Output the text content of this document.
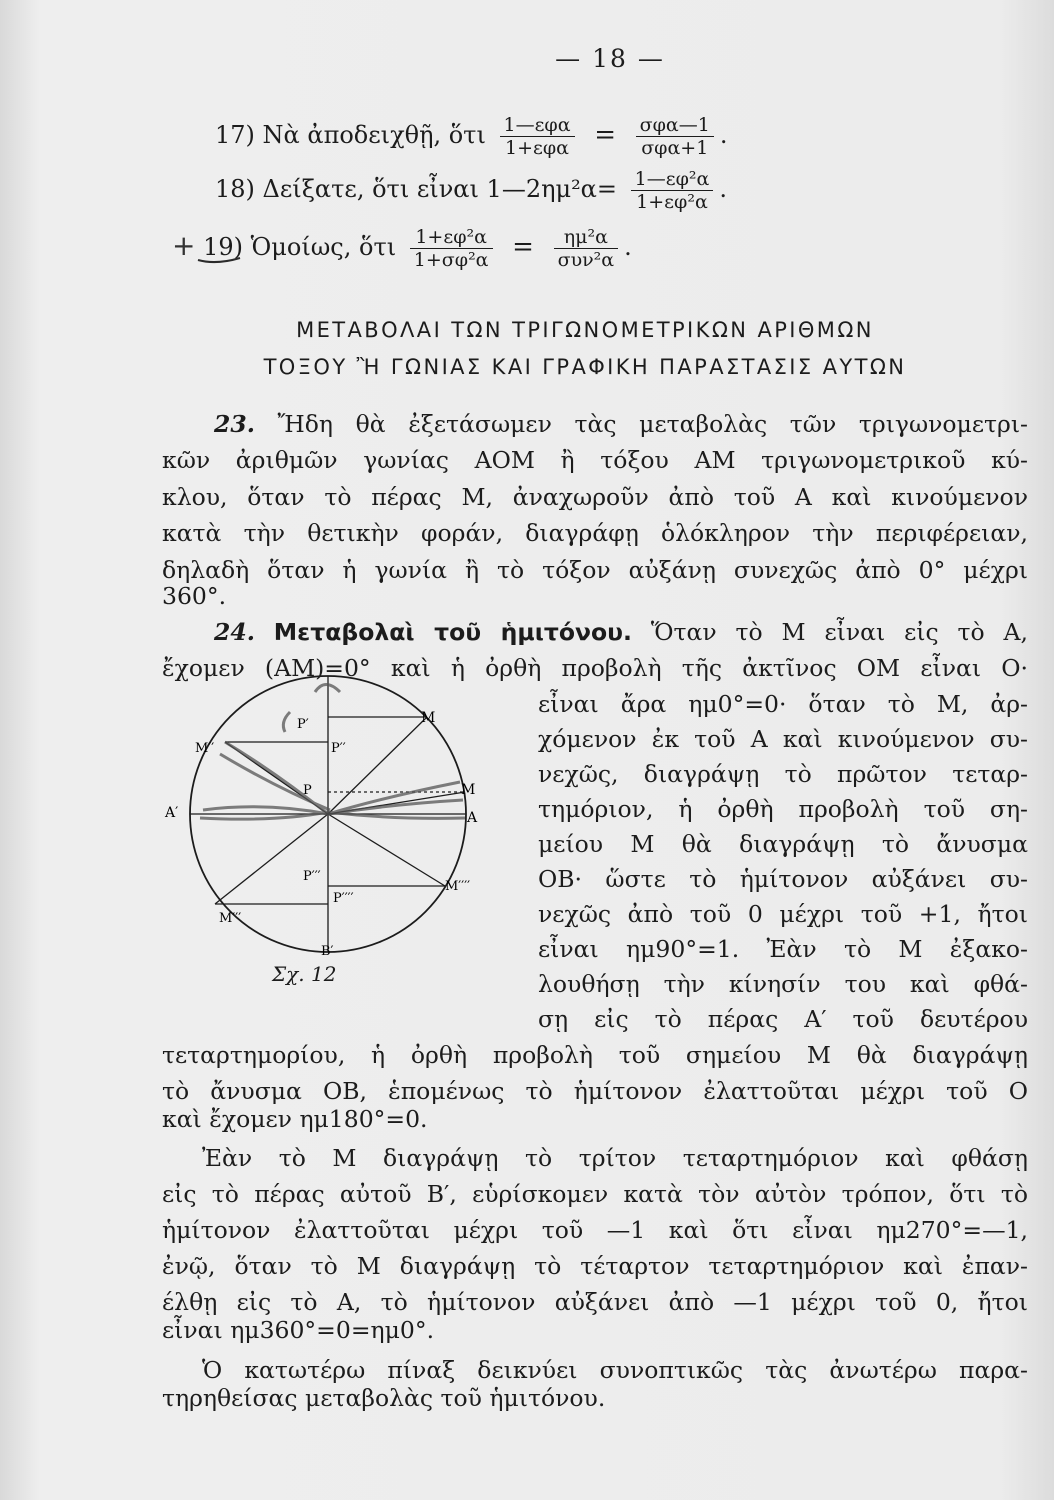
— 18 —
17) Νὰ ἀποδειχθῇ, ὅτι $\frac{\text{1—εφα}}{\text{1+εφα}} = \frac{\text{σφα—1}}{\text{σφα+1}}$ .
18) Δείξατε, ὅτι εἶναι 1—2ημ²α= $\frac{\text{1—εφ²α}}{\text{1+εφ²α}}$ .
+ 19) Ὁμοίως, ὅτι $\frac{\text{1+εφ²α}}{\text{1+σφ²α}} = \frac{\text{ημ²α}}{\text{συν²α}}$ .
ΜΕΤΑΒΟΛΑΙ ΤΩΝ ΤΡΙΓΩΝΟΜΕΤΡΙΚΩΝ ΑΡΙΘΜΩΝ
ΤΟΞΟΥ Ἢ ΓΩΝΙΑΣ ΚΑΙ ΓΡΑΦΙΚΗ ΠΑΡΑΣΤΑΣΙΣ ΑΥΤΩΝ
23. Ἤδη θὰ ἐξετάσωμεν τὰς μεταβολὰς τῶν τριγωνομετρι-
κῶν ἀριθμῶν γωνίας ΑΟΜ ἢ τόξου ΑΜ τριγωνομετρικοῦ κύ-
κλου, ὅταν τὸ πέρας Μ, ἀναχωροῦν ἀπὸ τοῦ Α καὶ κινούμενον
κατὰ τὴν θετικὴν φοράν, διαγράφῃ ὁλόκληρον τὴν περιφέρειαν,
δηλαδὴ ὅταν ἡ γωνία ἢ τὸ τόξον αὐξάνῃ συνεχῶς ἀπὸ 0° μέχρι
360°.
24. Μεταβολαὶ τοῦ ἡμιτόνου. Ὅταν τὸ Μ εἶναι εἰς τὸ Α,
ἔχομεν (ΑΜ)=0° καὶ ἡ ὀρθὴ προβολὴ τῆς ἀκτῖνος ΟΜ εἶναι Ο·
εἶναι ἄρα ημ0°=0· ὅταν τὸ Μ, ἀρ-
χόμενον ἐκ τοῦ Α καὶ κινούμενον συ-
νεχῶς, διαγράψῃ τὸ πρῶτον τεταρ-
τημόριον, ἡ ὀρθὴ προβολὴ τοῦ ση-
μείου Μ θὰ διαγράψῃ τὸ ἄνυσμα
ΟΒ· ὥστε τὸ ἡμίτονον αὐξάνει συ-
νεχῶς ἀπὸ τοῦ 0 μέχρι τοῦ +1, ἤτοι
εἶναι ημ90°=1. Ἐὰν τὸ Μ ἐξακο-
λουθήσῃ τὴν κίνησίν του καὶ φθά-
σῃ εἰς τὸ πέρας Α′ τοῦ δευτέρου
τεταρτημορίου, ἡ ὀρθὴ προβολὴ τοῦ σημείου Μ θὰ διαγράψῃ
τὸ ἄνυσμα ΟΒ, ἑπομένως τὸ ἡμίτονον ἐλαττοῦται μέχρι τοῦ Ο
καὶ ἔχομεν ημ180°=0.
Ἐὰν τὸ Μ διαγράψῃ τὸ τρίτον τεταρτημόριον καὶ φθάσῃ
εἰς τὸ πέρας αὐτοῦ Β′, εὑρίσκομεν κατὰ τὸν αὐτὸν τρόπον, ὅτι τὸ
ἡμίτονον ἐλαττοῦται μέχρι τοῦ —1 καὶ ὅτι εἶναι ημ270°=—1,
ἐνῷ, ὅταν τὸ Μ διαγράψῃ τὸ τέταρτον τεταρτημόριον καὶ ἐπαν-
έλθῃ εἰς τὸ Α, τὸ ἡμίτονον αὐξάνει ἀπὸ —1 μέχρι τοῦ 0, ἤτοι
εἶναι ημ360°=0=ημ0°.
Ὁ κατωτέρω πίναξ δεικνύει συνοπτικῶς τὰς ἀνωτέρω παρα-
τηρηθείσας μεταβολὰς τοῦ ἡμιτόνου.
P′	M
P′′
M′′
P	M
A
A′
P′′′
P′′′′
M′′′′
M′′′
B′
Σχ. 12
